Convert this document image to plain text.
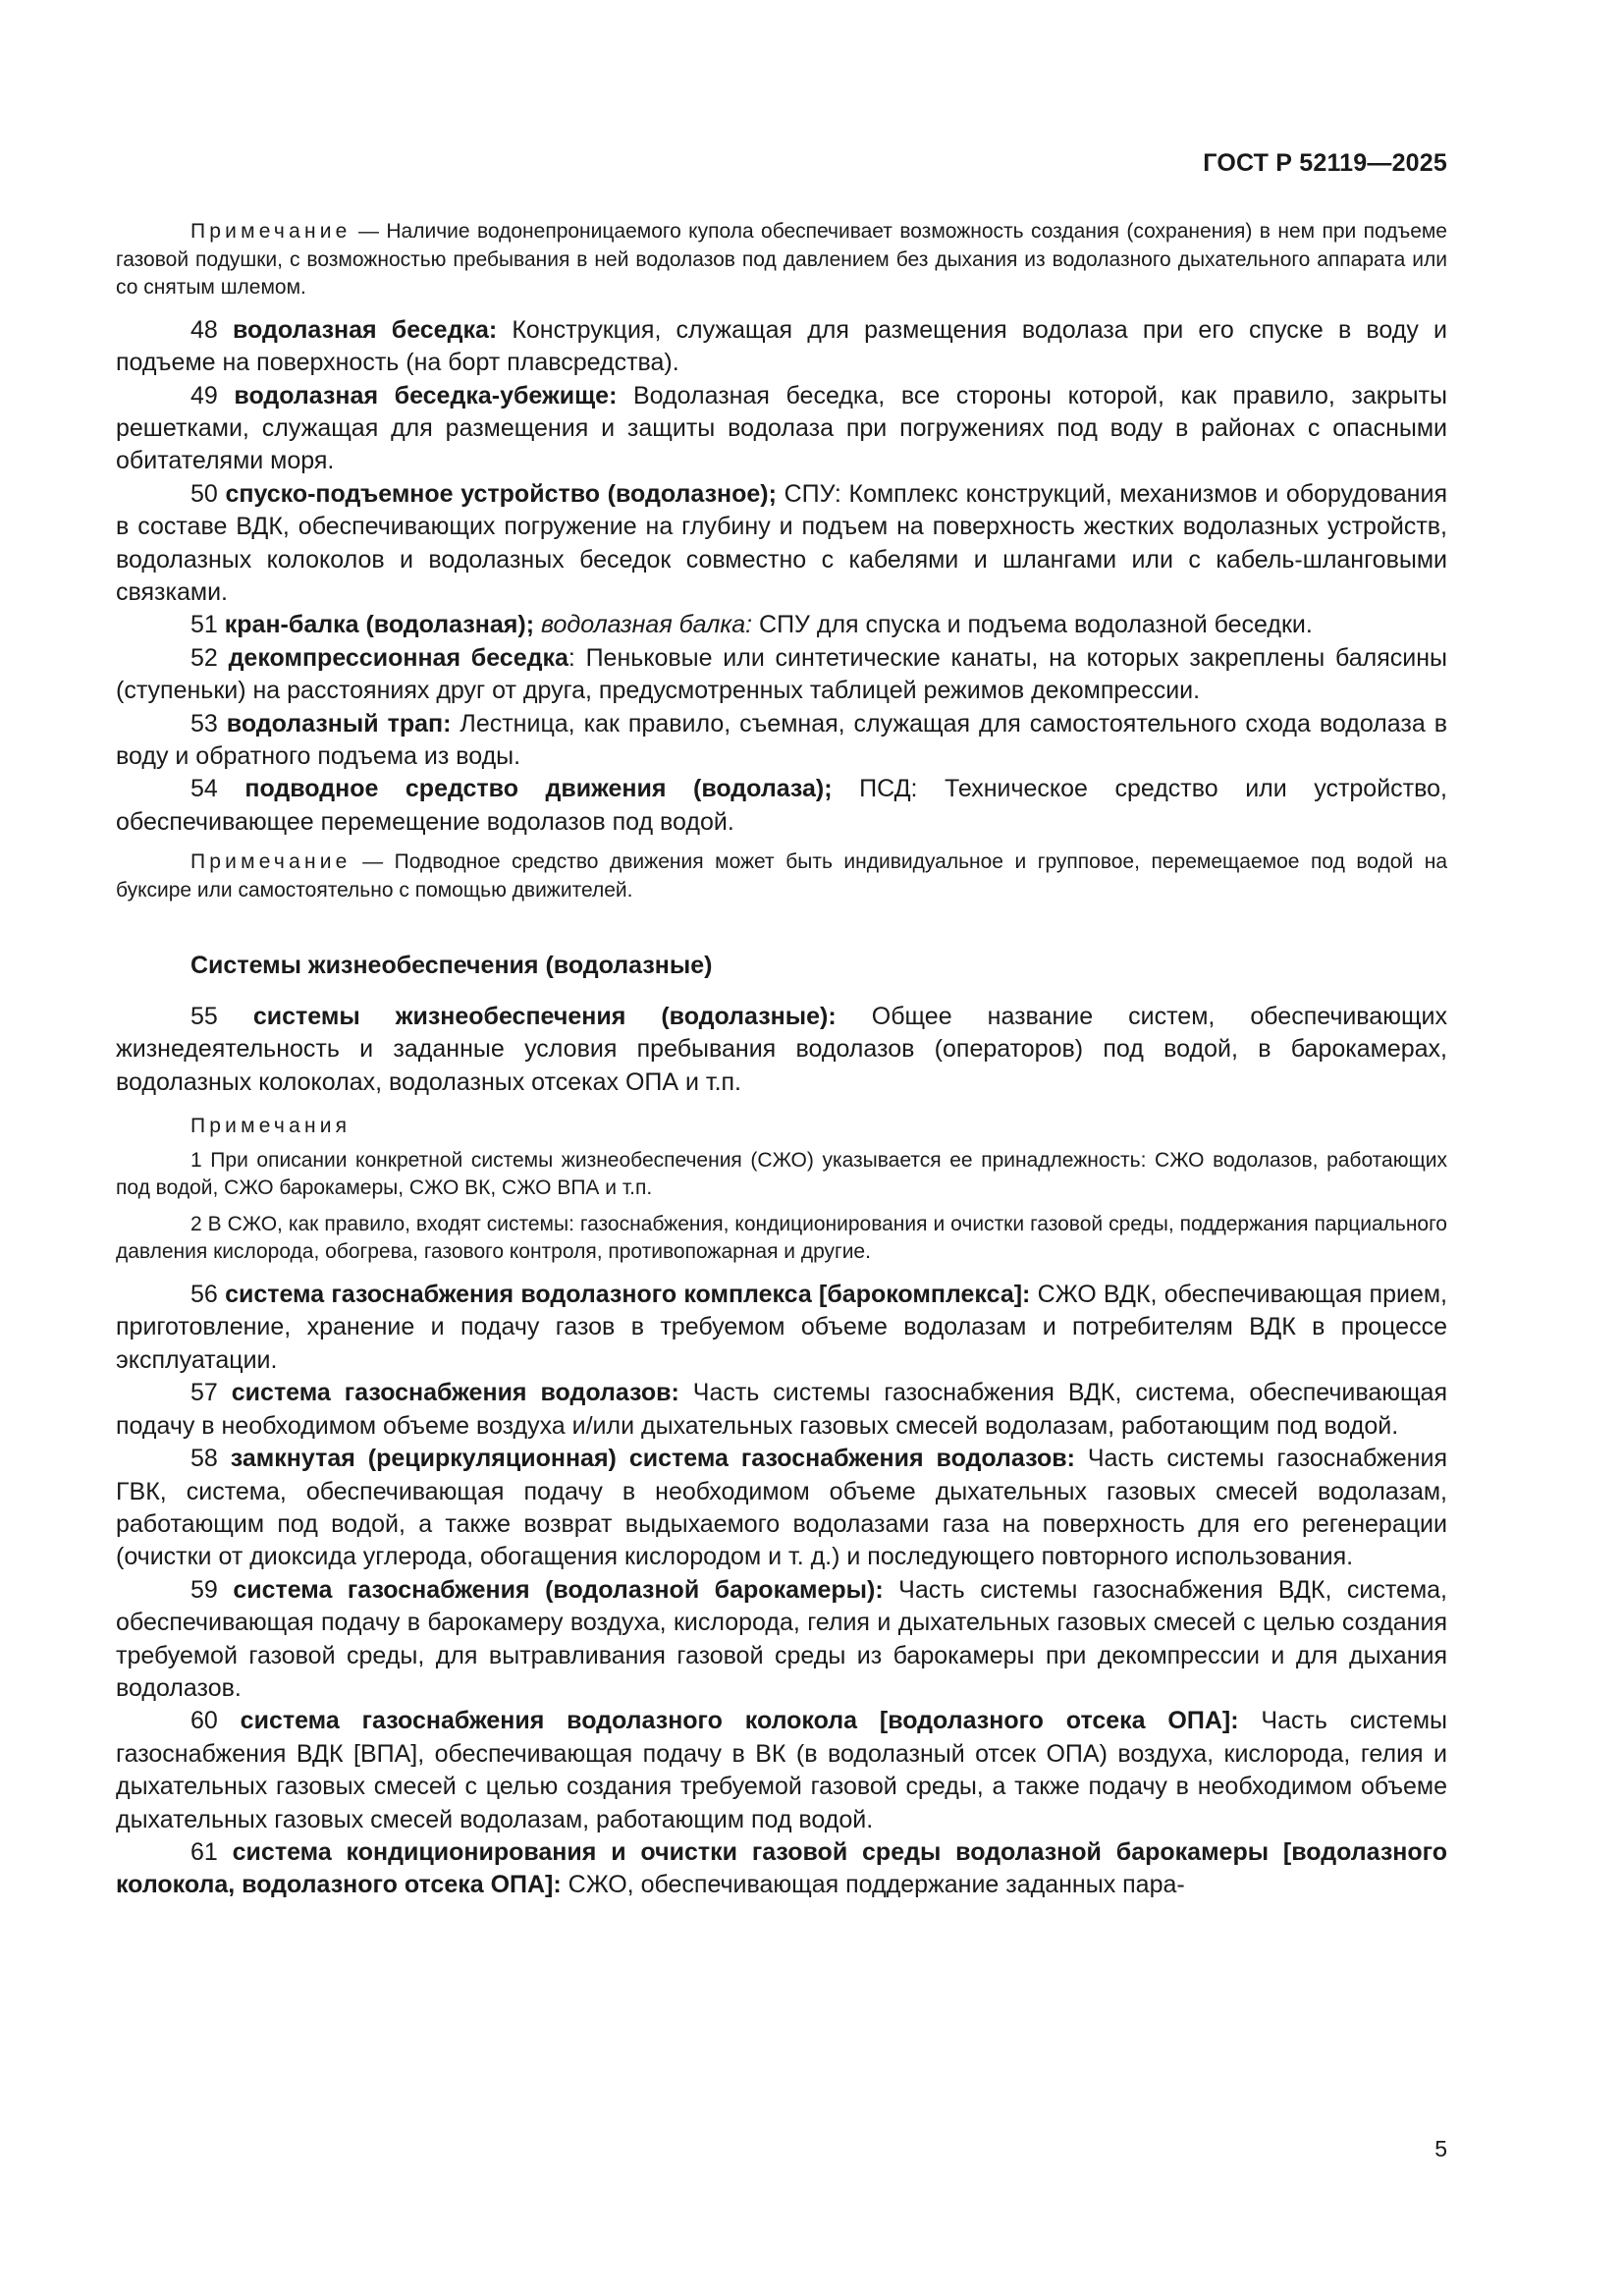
ГОСТ Р 52119—2025

Примечание — Наличие водонепроницаемого купола обеспечивает возможность создания (сохранения) в нем при подъеме газовой подушки, с возможностью пребывания в ней водолазов под давлением без дыхания из водолазного дыхательного аппарата или со снятым шлемом.

48 водолазная беседка: Конструкция, служащая для размещения водолаза при его спуске в воду и подъеме на поверхность (на борт плавсредства).

49 водолазная беседка-убежище: Водолазная беседка, все стороны которой, как правило, закрыты решетками, служащая для размещения и защиты водолаза при погружениях под воду в районах с опасными обитателями моря.

50 спуско-подъемное устройство (водолазное); СПУ: Комплекс конструкций, механизмов и оборудования в составе ВДК, обеспечивающих погружение на глубину и подъем на поверхность жестких водолазных устройств, водолазных колоколов и водолазных беседок совместно с кабелями и шлангами или с кабель-шланговыми связками.

51 кран-балка (водолазная); водолазная балка: СПУ для спуска и подъема водолазной беседки.

52 декомпрессионная беседка: Пеньковые или синтетические канаты, на которых закреплены балясины (ступеньки) на расстояниях друг от друга, предусмотренных таблицей режимов декомпрессии.

53 водолазный трап: Лестница, как правило, съемная, служащая для самостоятельного схода водолаза в воду и обратного подъема из воды.

54 подводное средство движения (водолаза); ПСД: Техническое средство или устройство, обеспечивающее перемещение водолазов под водой.

Примечание — Подводное средство движения может быть индивидуальное и групповое, перемещаемое под водой на буксире или самостоятельно с помощью движителей.

Системы жизнеобеспечения (водолазные)

55 системы жизнеобеспечения (водолазные): Общее название систем, обеспечивающих жизнедеятельность и заданные условия пребывания водолазов (операторов) под водой, в барокамерах, водолазных колоколах, водолазных отсеках ОПА и т.п.

Примечания

1 При описании конкретной системы жизнеобеспечения (СЖО) указывается ее принадлежность: СЖО водолазов, работающих под водой, СЖО барокамеры, СЖО ВК, СЖО ВПА и т.п.

2 В СЖО, как правило, входят системы: газоснабжения, кондиционирования и очистки газовой среды, поддержания парциального давления кислорода, обогрева, газового контроля, противопожарная и другие.

56 система газоснабжения водолазного комплекса [барокомплекса]: СЖО ВДК, обеспечивающая прием, приготовление, хранение и подачу газов в требуемом объеме водолазам и потребителям ВДК в процессе эксплуатации.

57 система газоснабжения водолазов: Часть системы газоснабжения ВДК, система, обеспечивающая подачу в необходимом объеме воздуха и/или дыхательных газовых смесей водолазам, работающим под водой.

58 замкнутая (рециркуляционная) система газоснабжения водолазов: Часть системы газоснабжения ГВК, система, обеспечивающая подачу в необходимом объеме дыхательных газовых смесей водолазам, работающим под водой, а также возврат выдыхаемого водолазами газа на поверхность для его регенерации (очистки от диоксида углерода, обогащения кислородом и т. д.) и последующего повторного использования.

59 система газоснабжения (водолазной барокамеры): Часть системы газоснабжения ВДК, система, обеспечивающая подачу в барокамеру воздуха, кислорода, гелия и дыхательных газовых смесей с целью создания требуемой газовой среды, для вытравливания газовой среды из барокамеры при декомпрессии и для дыхания водолазов.

60 система газоснабжения водолазного колокола [водолазного отсека ОПА]: Часть системы газоснабжения ВДК [ВПА], обеспечивающая подачу в ВК (в водолазный отсек ОПА) воздуха, кислорода, гелия и дыхательных газовых смесей с целью создания требуемой газовой среды, а также подачу в необходимом объеме дыхательных газовых смесей водолазам, работающим под водой.

61 система кондиционирования и очистки газовой среды водолазной барокамеры [водолазного колокола, водолазного отсека ОПА]: СЖО, обеспечивающая поддержание заданных пара-

5
